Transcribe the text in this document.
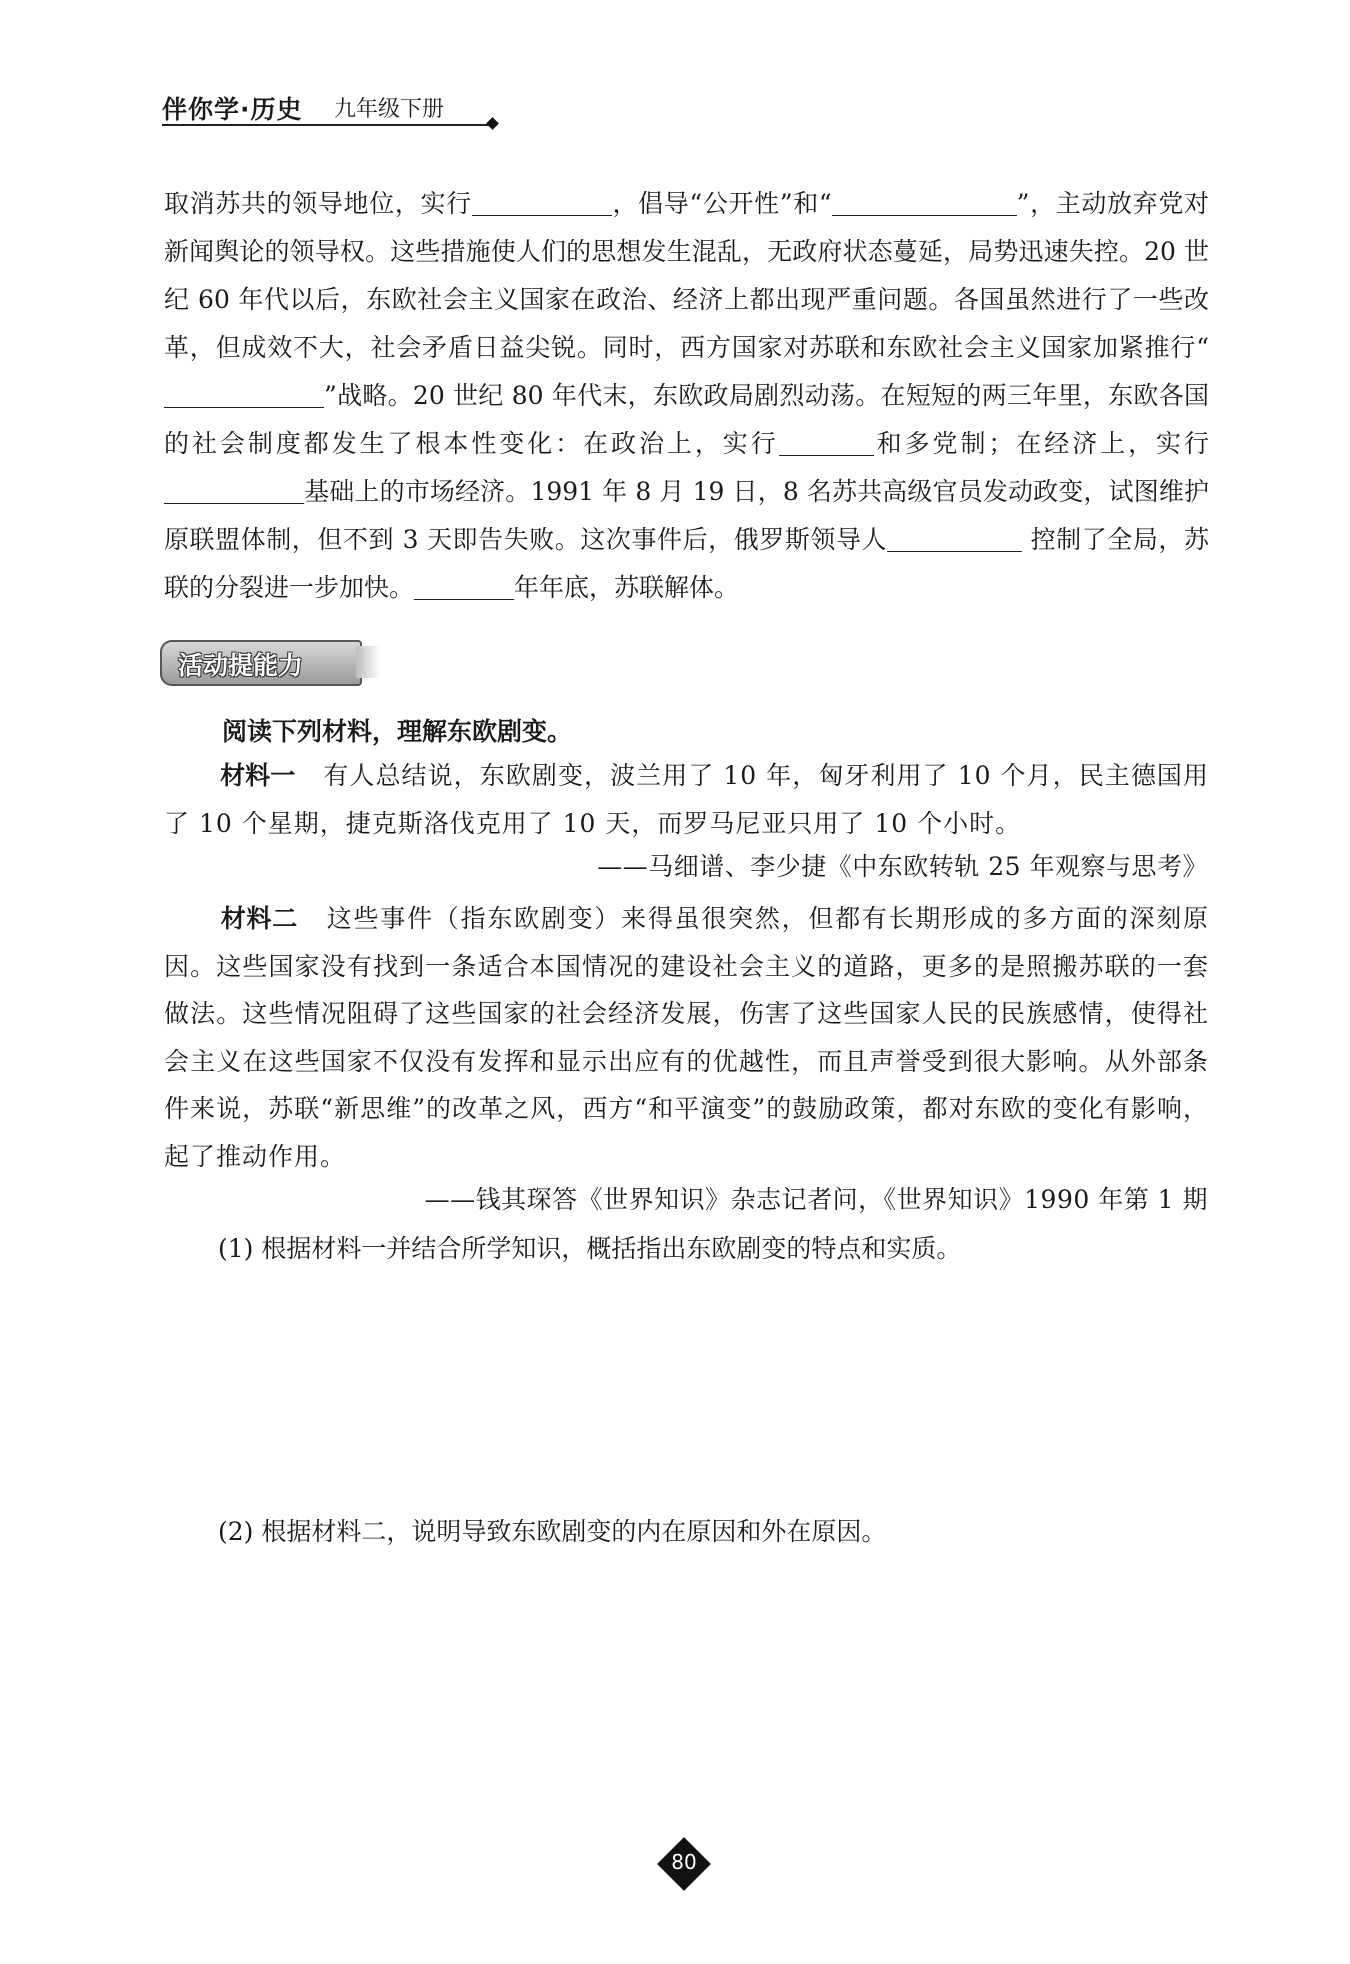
伴你学·历史 九年级下册
取消苏共的领导地位，实行	，倡导“公开性”和“	”，主动放弃党对新闻舆论的领导权。这些措施使人们的思想发生混乱，无政府状态蔓延，局势迅速失控。20 世纪 60 年代以后，东欧社会主义国家在政治、经济上都出现严重问题。各国虽然进行了一些改革，但成效不大，社会矛盾日益尖锐。同时，西方国家对苏联和东欧社会主义国家加紧推行“”战略。20 世纪 80 年代末，东欧政局剧烈动荡。在短短的两三年里，东欧各国的社会制度都发生了根本性变化：在政治上，实行	和多党制；在经济上，实行基础上的市场经济。1991 年 8 月 19 日，8 名苏共高级官员发动政变，试图维护原联盟体制，但不到 3 天即告失败。这次事件后，俄罗斯领导人	控制了全局，苏联的分裂进一步加快。	年年底，苏联解体。
活动提能力
阅读下列材料，理解东欧剧变。
材料一 有人总结说，东欧剧变，波兰用了 10 年，匈牙利用了 10 个月，民主德国用了 10 个星期，捷克斯洛伐克用了 10 天，而罗马尼亚只用了 10 个小时。
——马细谱、李少捷《中东欧转轨 25 年观察与思考》
材料二 这些事件（指东欧剧变）来得虽很突然，但都有长期形成的多方面的深刻原因。这些国家没有找到一条适合本国情况的建设社会主义的道路，更多的是照搬苏联的一套做法。这些情况阻碍了这些国家的社会经济发展，伤害了这些国家人民的民族感情，使得社会主义在这些国家不仅没有发挥和显示出应有的优越性，而且声誉受到很大影响。从外部条件来说，苏联“新思维”的改革之风，西方“和平演变”的鼓励政策，都对东欧的变化有影响，起了推动作用。
——钱其琛答《世界知识》杂志记者问，《世界知识》1990 年第 1 期
(1) 根据材料一并结合所学知识，概括指出东欧剧变的特点和实质。
(2) 根据材料二，说明导致东欧剧变的内在原因和外在原因。
80
